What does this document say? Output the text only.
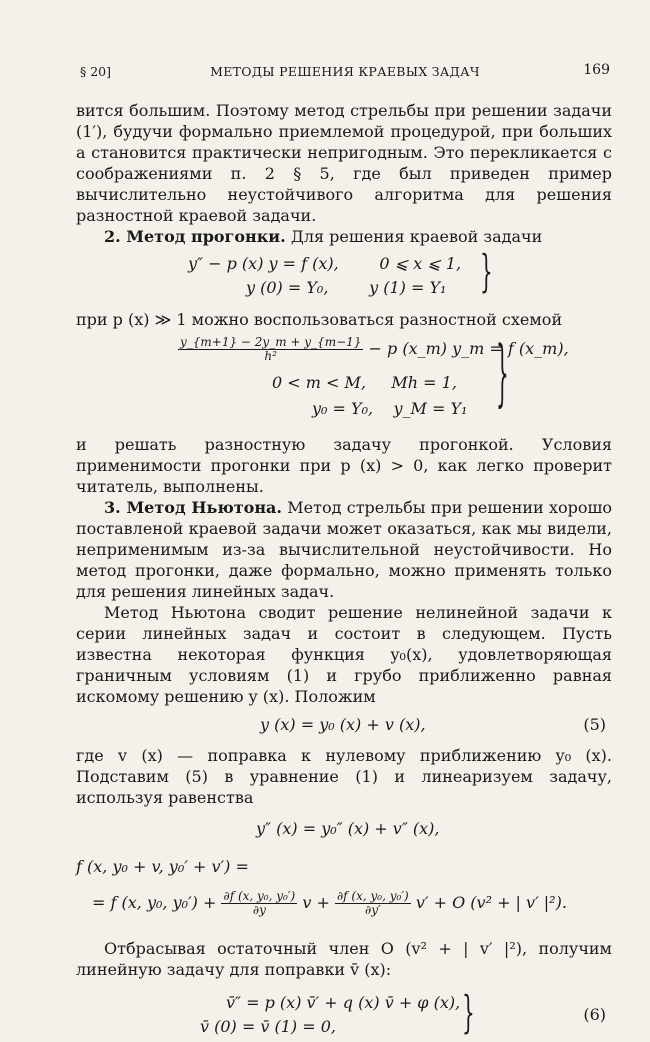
§ 20]	МЕТОДЫ РЕШЕНИЯ КРАЕВЫХ ЗАДАЧ	169

вится большим. Поэтому метод стрельбы при решении задачи (1′), будучи формально приемлемой процедурой, при больших a становится практически непригодным. Это перекликается с соображениями п. 2 § 5, где был приведен пример вычислительно неустойчивого алгоритма для решения разностной краевой задачи.

2. Метод прогонки. Для решения краевой задачи

y″ − p (x) y = f (x),        0 ⩽ x ⩽ 1,
y (0) = Y₀,        y (1) = Y₁ }

при p (x) ≫ 1 можно воспользоваться разностной схемой

$\frac{y\_\{m+1\} - 2y\_m + y\_\{m-1\}}{\text{h²}} - p$ (x_m) y_m = f (x_m),
0 < m < M,     Mh = 1,
y₀ = Y₀,    y_M = Y₁ }

и решать разностную задачу прогонкой. Условия применимости прогонки при p (x) > 0, как легко проверит читатель, выполнены.

3. Метод Ньютона. Метод стрельбы при решении хорошо поставленой краевой задачи может оказаться, как мы видели, неприменимым из-за вычислительной неустойчивости. Но метод прогонки, даже формально, можно применять только для решения линейных задач.

Метод Ньютона сводит решение нелинейной задачи к серии линейных задач и состоит в следующем. Пусть известна некоторая функция y₀(x), удовлетворяющая граничным условиям (1) и грубо приближенно равная искомому решению y (x). Положим

y (x) = y₀ (x) + v (x),	(5)

где v (x) — поправка к нулевому приближению y₀ (x). Подставим (5) в уравнение (1) и линеаризуем задачу, используя равенства

y″ (x) = y₀″ (x) + v″ (x),
f (x, y₀ + v, y₀′ + v′) =
= f (x, y₀, $y_0') + \frac{\text{∂f (x, y₀, y₀′)}}{\partial y}$ $v + \frac{\text{∂f (x, y₀, y₀′)}}{\partial y'} v' + O$ (v² + | v′ |²).

Отбрасывая остаточный член O (v² + | v′ |²), получим линейную задачу для поправки v̄ (x):

v̄″ = p (x) v̄′ + q (x) v̄ + φ (x),
v̄ (0) = v̄ (1) = 0,	}	(6)
